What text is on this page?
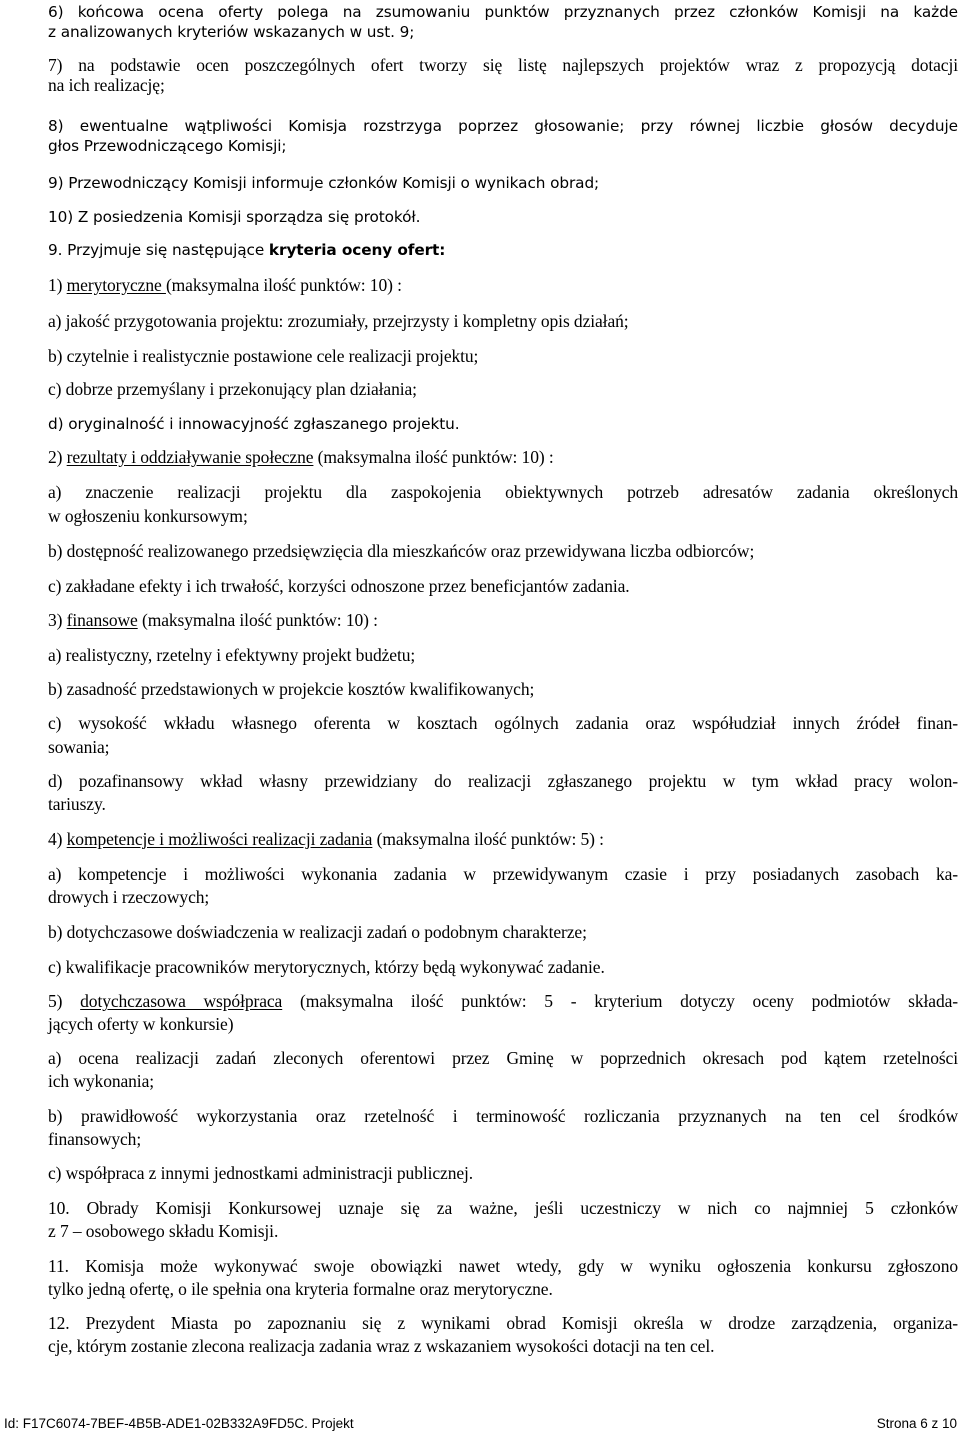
6) końcowa ocena oferty polega na zsumowaniu punktów przyznanych przez członków Komisji na każde
z analizowanych kryteriów wskazanych w ust. 9;
7) na podstawie ocen poszczególnych ofert tworzy się listę najlepszych projektów wraz z propozycją dotacji
na ich realizację;
8) ewentualne wątpliwości Komisja rozstrzyga poprzez głosowanie; przy równej liczbie głosów decyduje
głos Przewodniczącego Komisji;
9) Przewodniczący Komisji informuje członków Komisji o wynikach obrad;
10) Z posiedzenia Komisji sporządza się protokół.
9. Przyjmuje się następujące kryteria oceny ofert:
1) merytoryczne (maksymalna ilość punktów: 10) :
a) jakość przygotowania projektu: zrozumiały, przejrzysty i kompletny opis działań;
b) czytelnie i realistycznie postawione cele realizacji projektu;
c) dobrze przemyślany i przekonujący plan działania;
d) oryginalność i innowacyjność zgłaszanego projektu.
2) rezultaty i oddziaływanie społeczne (maksymalna ilość punktów: 10) :
a) znaczenie realizacji projektu dla zaspokojenia obiektywnych potrzeb adresatów zadania określonych
w ogłoszeniu konkursowym;
b) dostępność realizowanego przedsięwzięcia dla mieszkańców oraz przewidywana liczba odbiorców;
c) zakładane efekty i ich trwałość, korzyści odnoszone przez beneficjantów zadania.
3) finansowe (maksymalna ilość punktów: 10) :
a) realistyczny, rzetelny i efektywny projekt budżetu;
b) zasadność przedstawionych w projekcie kosztów kwalifikowanych;
c) wysokość wkładu własnego oferenta w kosztach ogólnych zadania oraz współudział innych źródeł finan-
sowania;
d) pozafinansowy wkład własny przewidziany do realizacji zgłaszanego projektu w tym wkład pracy wolon-
tariuszy.
4) kompetencje i możliwości realizacji zadania (maksymalna ilość punktów: 5) :
a) kompetencje i możliwości wykonania zadania w przewidywanym czasie i przy posiadanych zasobach ka-
drowych i rzeczowych;
b) dotychczasowe doświadczenia w realizacji zadań o podobnym charakterze;
c) kwalifikacje pracowników merytorycznych, którzy będą wykonywać zadanie.
5) dotychczasowa współpraca (maksymalna ilość punktów: 5 - kryterium dotyczy oceny podmiotów składa-
jących oferty w konkursie)
a) ocena realizacji zadań zleconych oferentowi przez Gminę w poprzednich okresach pod kątem rzetelności
ich wykonania;
b) prawidłowość wykorzystania oraz rzetelność i terminowość rozliczania przyznanych na ten cel środków
finansowych;
c) współpraca z innymi jednostkami administracji publicznej.
10. Obrady Komisji Konkursowej uznaje się za ważne, jeśli uczestniczy w nich co najmniej 5 członków
z 7 – osobowego składu Komisji.
11. Komisja może wykonywać swoje obowiązki nawet wtedy, gdy w wyniku ogłoszenia konkursu zgłoszono
tylko jedną ofertę, o ile spełnia ona kryteria formalne oraz merytoryczne.
12. Prezydent Miasta po zapoznaniu się z wynikami obrad Komisji określa w drodze zarządzenia, organiza-
cje, którym zostanie zlecona realizacja zadania wraz z wskazaniem wysokości dotacji na ten cel.
Id: F17C6074-7BEF-4B5B-ADE1-02B332A9FD5C. Projekt	Strona 6 z 10
